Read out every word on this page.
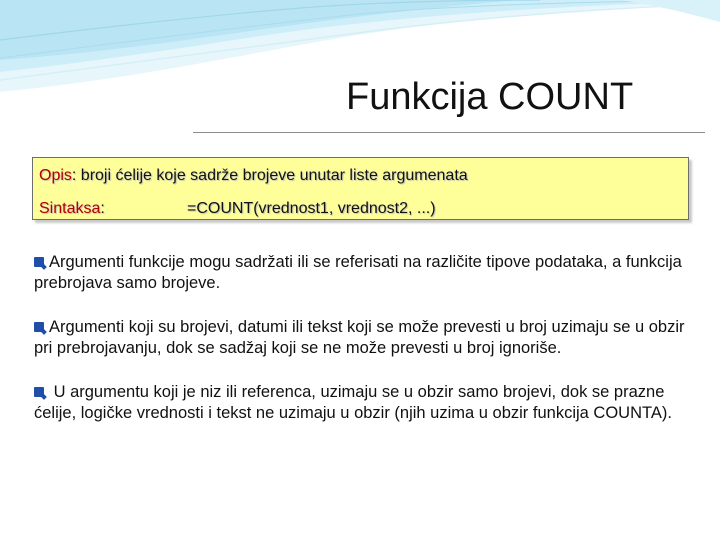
Funkcija COUNT
Opis: broji ćelije koje sadrže brojeve unutar liste argumenata
Sintaksa:	=COUNT(vrednost1, vrednost2, ...)
Argumenti funkcije mogu sadržati ili se referisati na različite tipove podataka, a funkcija prebrojava samo brojeve.
Argumenti koji su brojevi, datumi ili tekst koji se može prevesti u broj uzimaju se u obzir pri prebrojavanju, dok se sadžaj koji se ne može prevesti u broj ignoriše.
U argumentu koji je niz ili referenca, uzimaju se u obzir samo brojevi, dok se prazne ćelije, logičke vrednosti i tekst ne uzimaju u obzir (njih uzima u obzir funkcija COUNTA).
